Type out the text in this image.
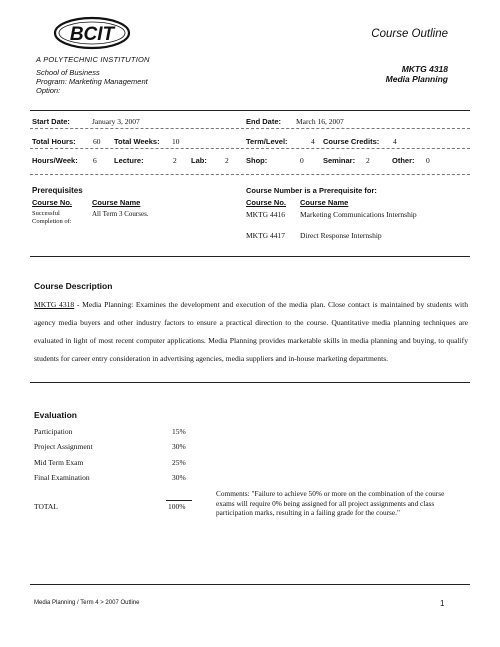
BCIT
A POLYTECHNIC INSTITUTION
School of Business
Program: Marketing Management
Option:
Course Outline
MKTG 4318
Media Planning
Start Date:	January 3, 2007	End Date: March 16, 2007
Total Hours: 60 Total Weeks: 10	Term/Level:	4 Course Credits: 4
Hours/Week: 6 Lecture:	2 Lab: 2 Shop:	0	Seminar: 2	Other: 0
Prerequisites
Course No.	Course Name
Successful
Completion of:
All Term 3 Courses.
Course Number is a Prerequisite for:
Course No. Course Name
MKTG 4416 Marketing Communications Internship
MKTG 4417 Direct Response Internship
Course Description
MKTG 4318 - Media Planning: Examines the development and execution of the media plan. Close contact is maintained by students with agency media buyers and other industry factors to ensure a practical direction to the course. Quantitative media planning techniques are evaluated in light of most recent computer applications. Media Planning provides marketable skills in media planning and buying, to qualify students for career entry consideration in advertising agencies, media suppliers and in-house marketing departments.
Evaluation
Participation	15%
Project Assignment	30%
Mid Term Exam	25%
Final Examination	30%
TOTAL	100%
Comments: "Failure to achieve 50% or more on the combination of the course exams will require 0% being assigned for all project assignments and class participation marks, resulting in a failing grade for the course."
Media Planning / Term 4 > 2007 Outline	1
